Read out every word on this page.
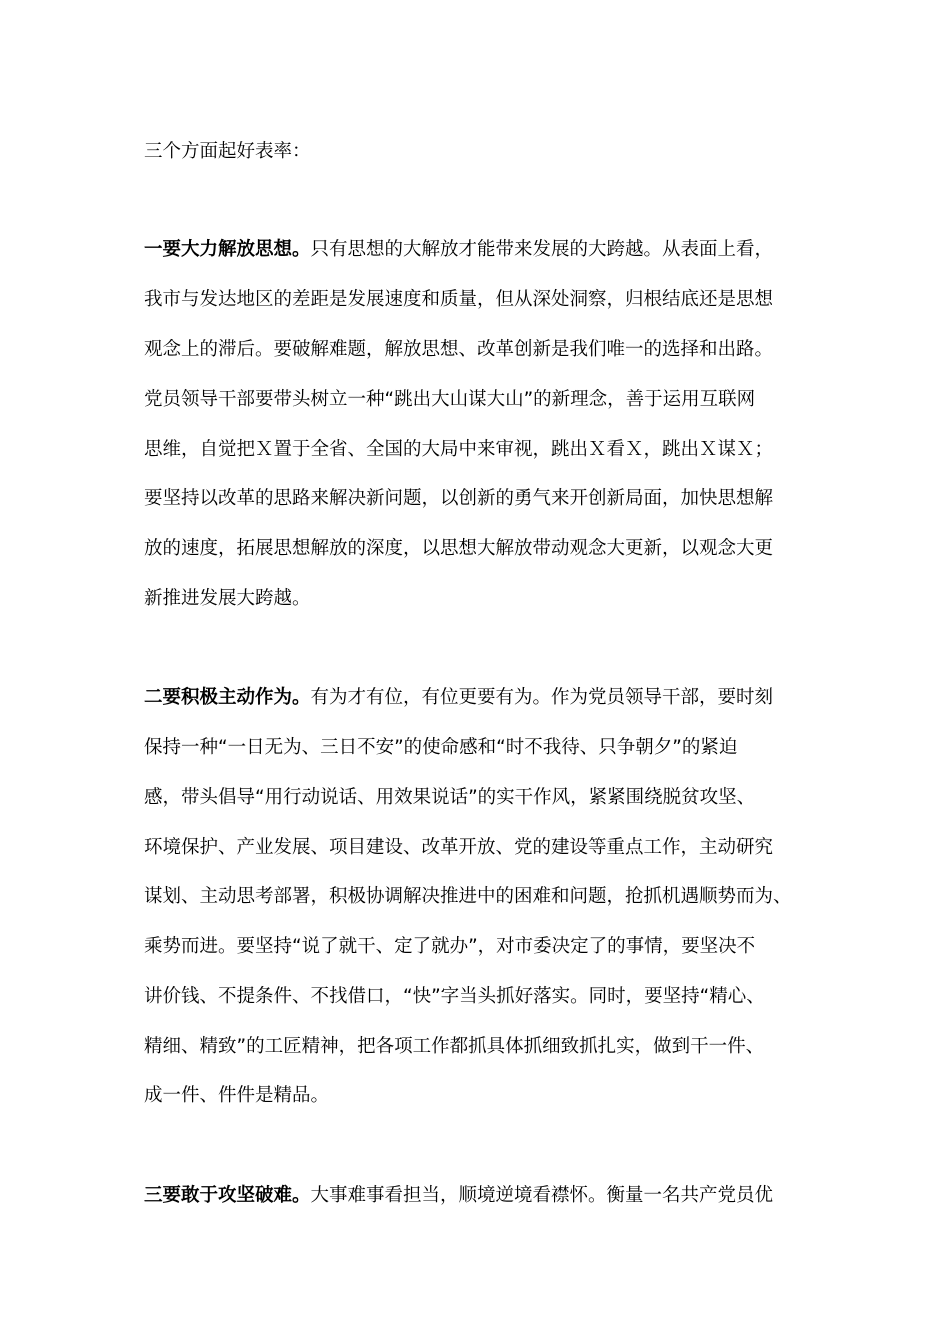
三个方面起好表率：
一要大力解放思想。只有思想的大解放才能带来发展的大跨越。从表面上看，
我市与发达地区的差距是发展速度和质量，但从深处洞察，归根结底还是思想
观念上的滞后。要破解难题，解放思想、改革创新是我们唯一的选择和出路。
党员领导干部要带头树立一种“跳出大山谋大山”的新理念，善于运用互联网
思维，自觉把Ｘ置于全省、全国的大局中来审视，跳出Ｘ看Ｘ，跳出Ｘ谋Ｘ；
要坚持以改革的思路来解决新问题，以创新的勇气来开创新局面，加快思想解
放的速度，拓展思想解放的深度，以思想大解放带动观念大更新，以观念大更
新推进发展大跨越。
二要积极主动作为。有为才有位，有位更要有为。作为党员领导干部，要时刻
保持一种“一日无为、三日不安”的使命感和“时不我待、只争朝夕”的紧迫
感，带头倡导“用行动说话、用效果说话”的实干作风，紧紧围绕脱贫攻坚、
环境保护、产业发展、项目建设、改革开放、党的建设等重点工作，主动研究
谋划、主动思考部署，积极协调解决推进中的困难和问题，抢抓机遇顺势而为、
乘势而进。要坚持“说了就干、定了就办”，对市委决定了的事情，要坚决不
讲价钱、不提条件、不找借口，“快”字当头抓好落实。同时，要坚持“精心、
精细、精致”的工匠精神，把各项工作都抓具体抓细致抓扎实，做到干一件、
成一件、件件是精品。
三要敢于攻坚破难。大事难事看担当，顺境逆境看襟怀。衡量一名共产党员优
